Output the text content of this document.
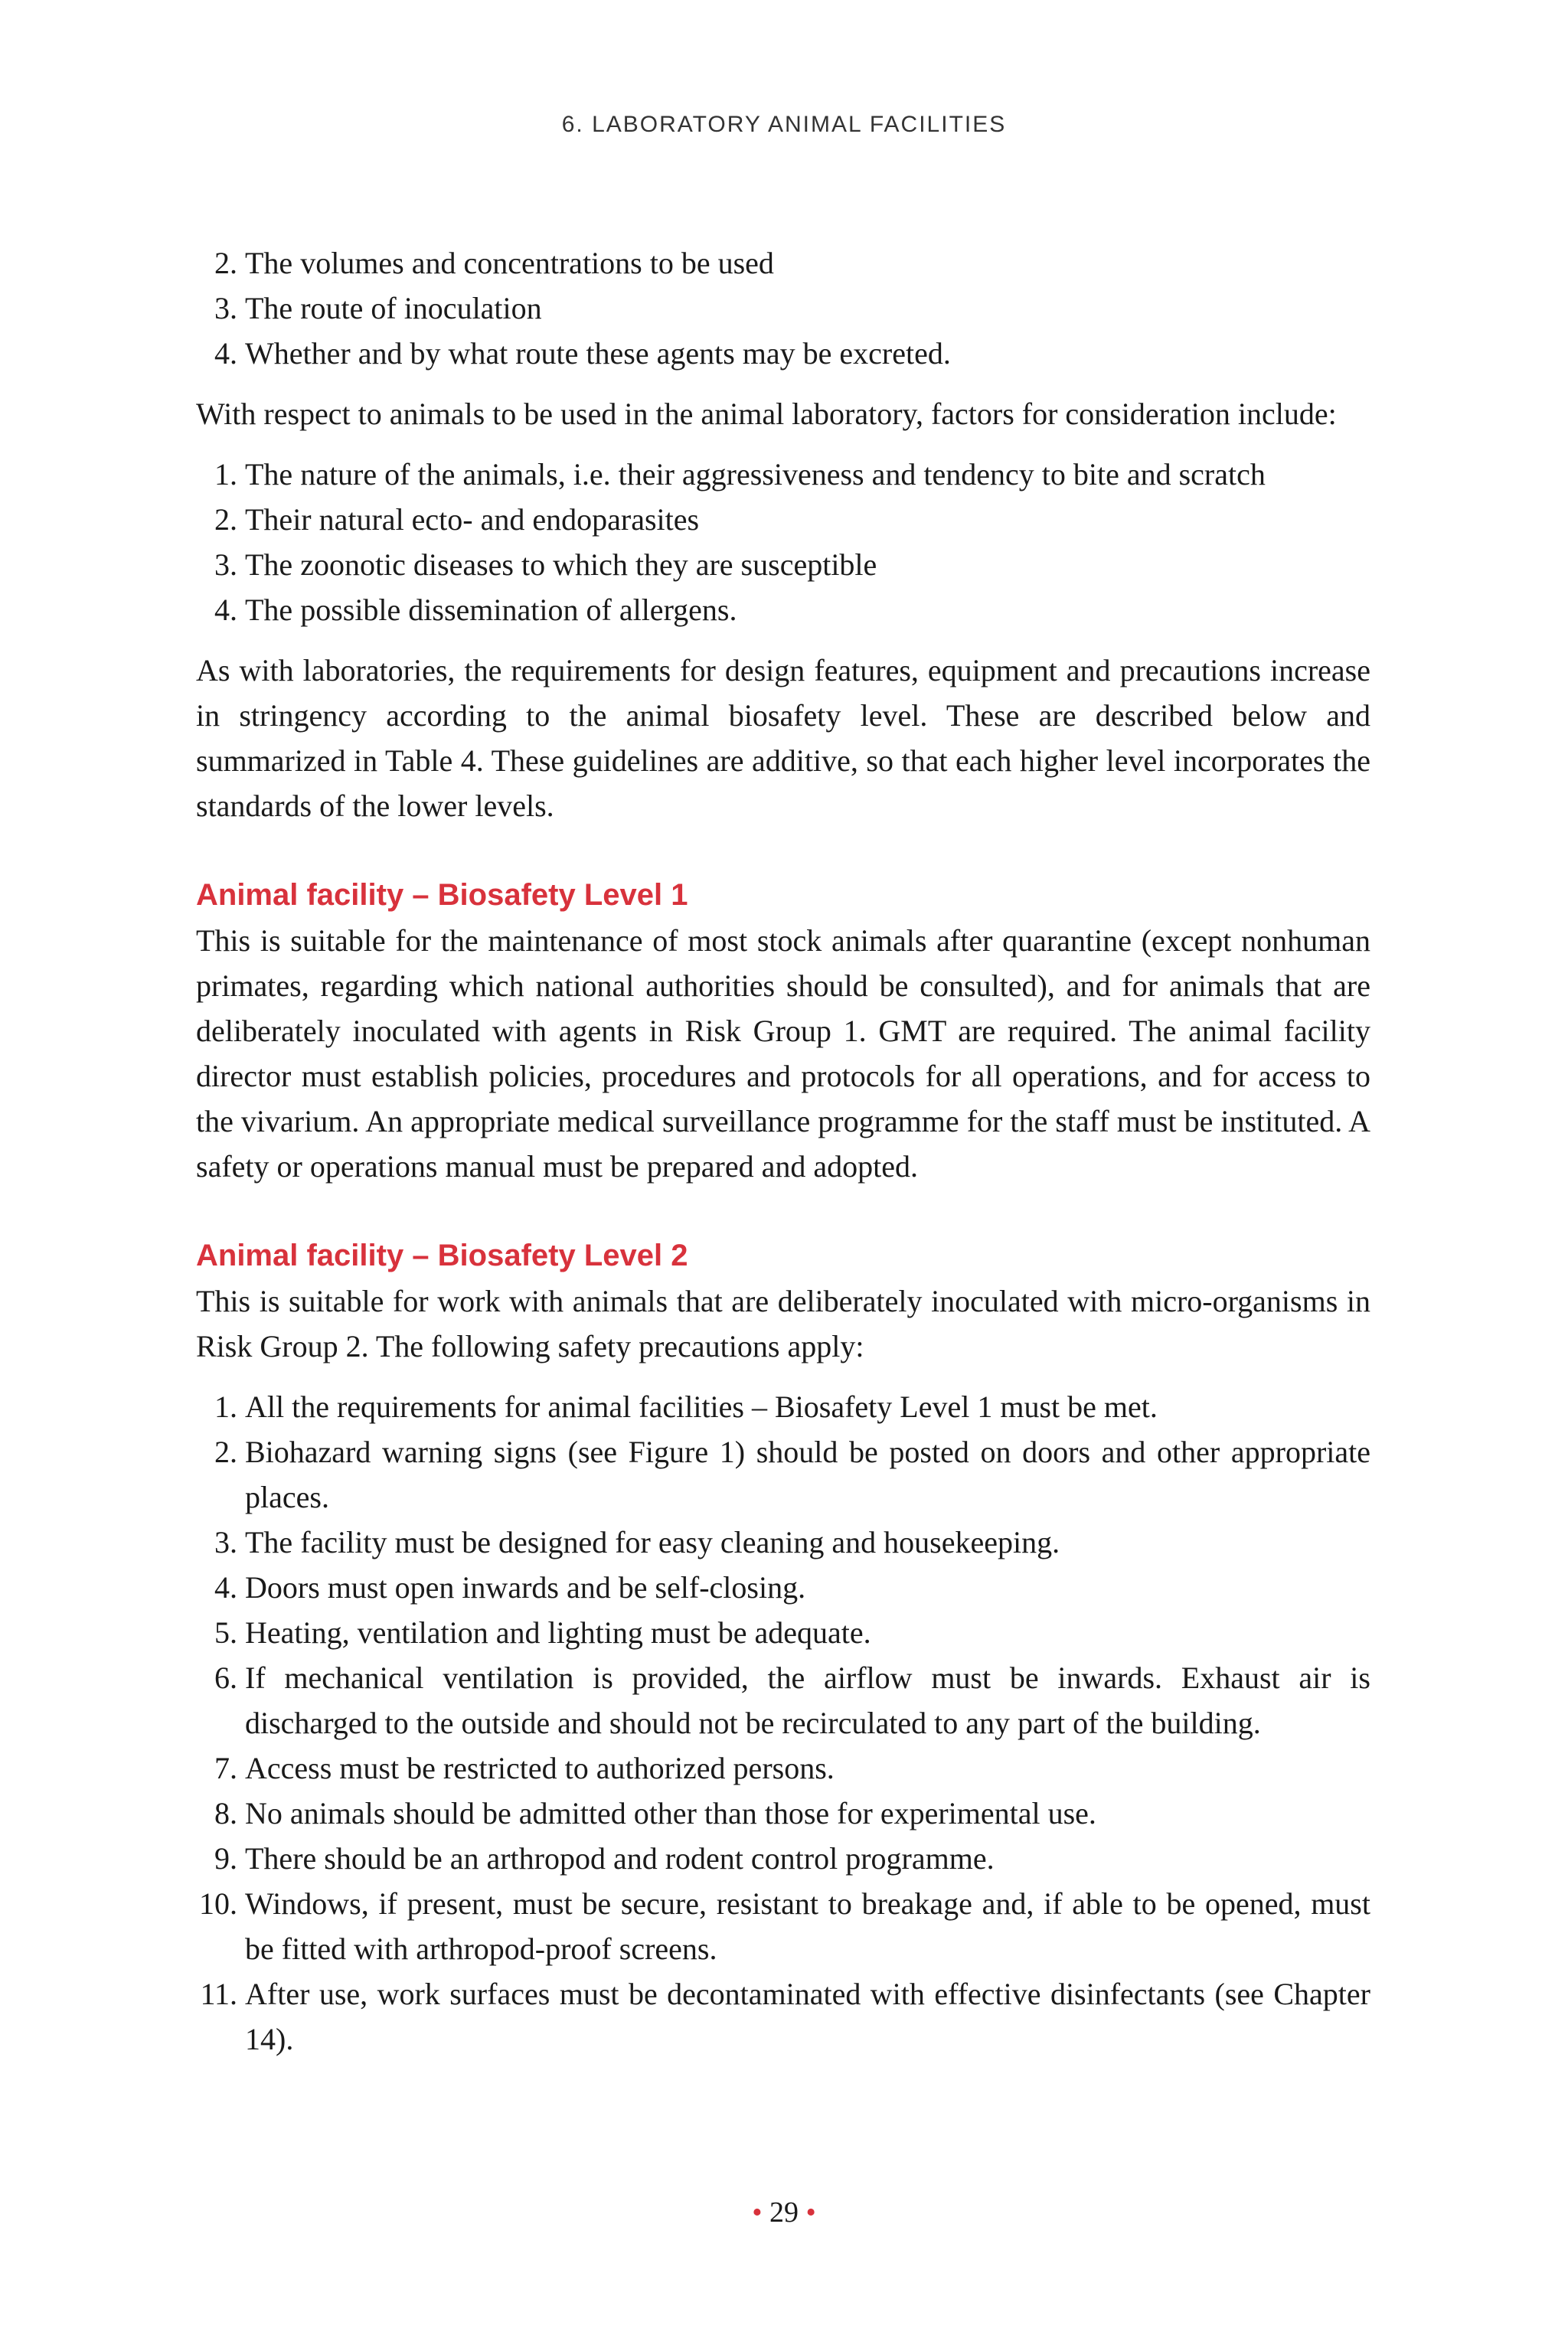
6. LABORATORY ANIMAL FACILITIES
2. The volumes and concentrations to be used
3. The route of inoculation
4. Whether and by what route these agents may be excreted.

With respect to animals to be used in the animal laboratory, factors for consideration include:

1. The nature of the animals, i.e. their aggressiveness and tendency to bite and scratch
2. Their natural ecto- and endoparasites
3. The zoonotic diseases to which they are susceptible
4. The possible dissemination of allergens.

As with laboratories, the requirements for design features, equipment and precautions increase in stringency according to the animal biosafety level. These are described below and summarized in Table 4. These guidelines are additive, so that each higher level incorporates the standards of the lower levels.

Animal facility – Biosafety Level 1

This is suitable for the maintenance of most stock animals after quarantine (except nonhuman primates, regarding which national authorities should be consulted), and for animals that are deliberately inoculated with agents in Risk Group 1. GMT are required. The animal facility director must establish policies, procedures and protocols for all operations, and for access to the vivarium. An appropriate medical surveillance programme for the staff must be instituted. A safety or operations manual must be prepared and adopted.

Animal facility – Biosafety Level 2

This is suitable for work with animals that are deliberately inoculated with micro-organisms in Risk Group 2. The following safety precautions apply:

1. All the requirements for animal facilities – Biosafety Level 1 must be met.
2. Biohazard warning signs (see Figure 1) should be posted on doors and other appropriate places.
3. The facility must be designed for easy cleaning and housekeeping.
4. Doors must open inwards and be self-closing.
5. Heating, ventilation and lighting must be adequate.
6. If mechanical ventilation is provided, the airflow must be inwards. Exhaust air is discharged to the outside and should not be recirculated to any part of the building.
7. Access must be restricted to authorized persons.
8. No animals should be admitted other than those for experimental use.
9. There should be an arthropod and rodent control programme.
10. Windows, if present, must be secure, resistant to breakage and, if able to be opened, must be fitted with arthropod-proof screens.
11. After use, work surfaces must be decontaminated with effective disinfectants (see Chapter 14).
• 29 •
